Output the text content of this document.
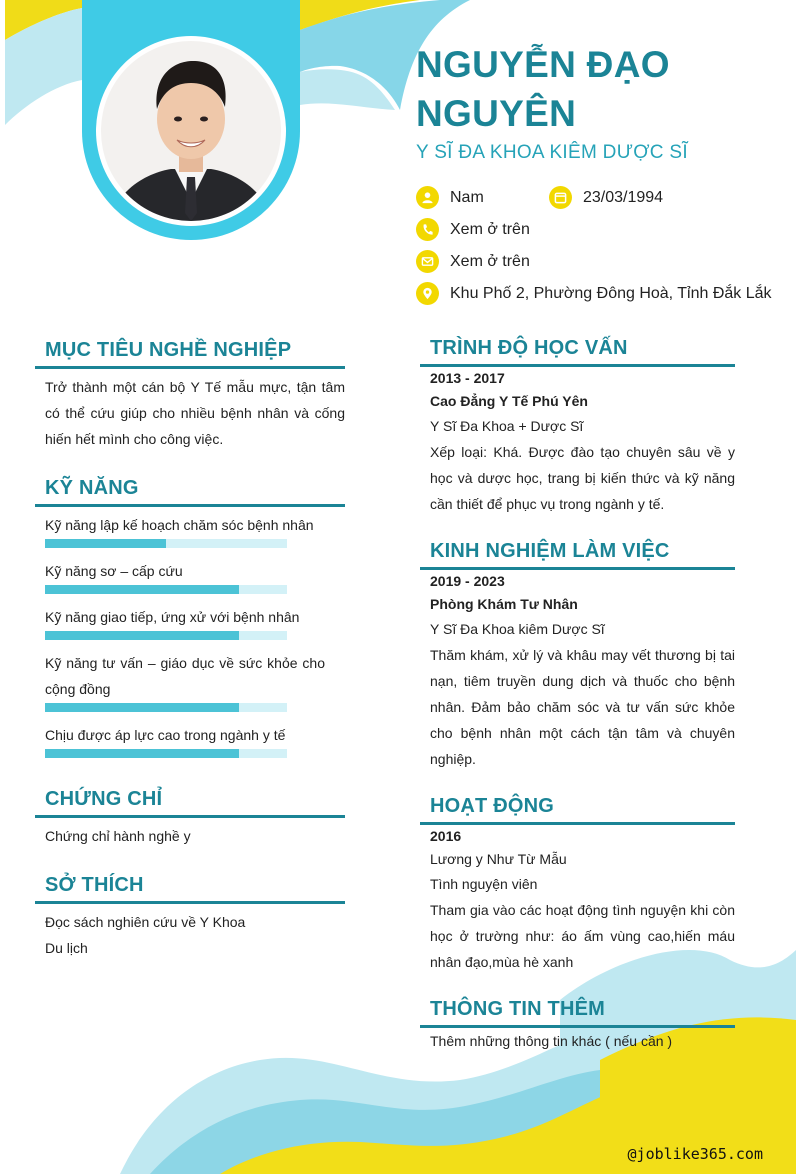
NGUYỄN ĐẠO NGUYÊN

Y SĨ ĐA KHOA KIÊM DƯỢC SĨ

Nam	23/03/1994
Xem ở trên
Xem ở trên
Khu Phố 2, Phường Đông Hoà, Tỉnh Đắk Lắk
MỤC TIÊU NGHỀ NGHIỆP
Trở thành một cán bộ Y Tế mẫu mực, tận tâm có thể cứu giúp cho nhiều bệnh nhân và cống hiến hết mình cho công việc.
KỸ NĂNG
Kỹ năng lập kế hoạch chăm sóc bệnh nhân
Kỹ năng sơ – cấp cứu
Kỹ năng giao tiếp, ứng xử với bệnh nhân
Kỹ năng tư vấn – giáo dục về sức khỏe cho cộng đồng
Chịu được áp lực cao trong ngành y tế
CHỨNG CHỈ
Chứng chỉ hành nghề y
SỞ THÍCH
Đọc sách nghiên cứu về Y Khoa
Du lịch
TRÌNH ĐỘ HỌC VẤN
2013 - 2017
Cao Đẳng Y Tế Phú Yên
Y Sĩ Đa Khoa + Dược Sĩ
Xếp loại: Khá. Được đào tạo chuyên sâu về y học và dược học, trang bị kiến thức và kỹ năng cần thiết để phục vụ trong ngành y tế.
KINH NGHIỆM LÀM VIỆC
2019 - 2023
Phòng Khám Tư Nhân
Y Sĩ Đa Khoa kiêm Dược Sĩ
Thăm khám, xử lý và khâu may vết thương bị tai nạn, tiêm truyền dung dịch và thuốc cho bệnh nhân. Đảm bảo chăm sóc và tư vấn sức khỏe cho bệnh nhân một cách tận tâm và chuyên nghiệp.
HOẠT ĐỘNG
2016
Lương y Như Từ Mẫu
Tình nguyện viên
Tham gia vào các hoạt động tình nguyện khi còn học ở trường như: áo ấm vùng cao,hiến máu nhân đạo,mùa hè xanh
THÔNG TIN THÊM
Thêm những thông tin khác ( nếu cần )
@joblike365.com
